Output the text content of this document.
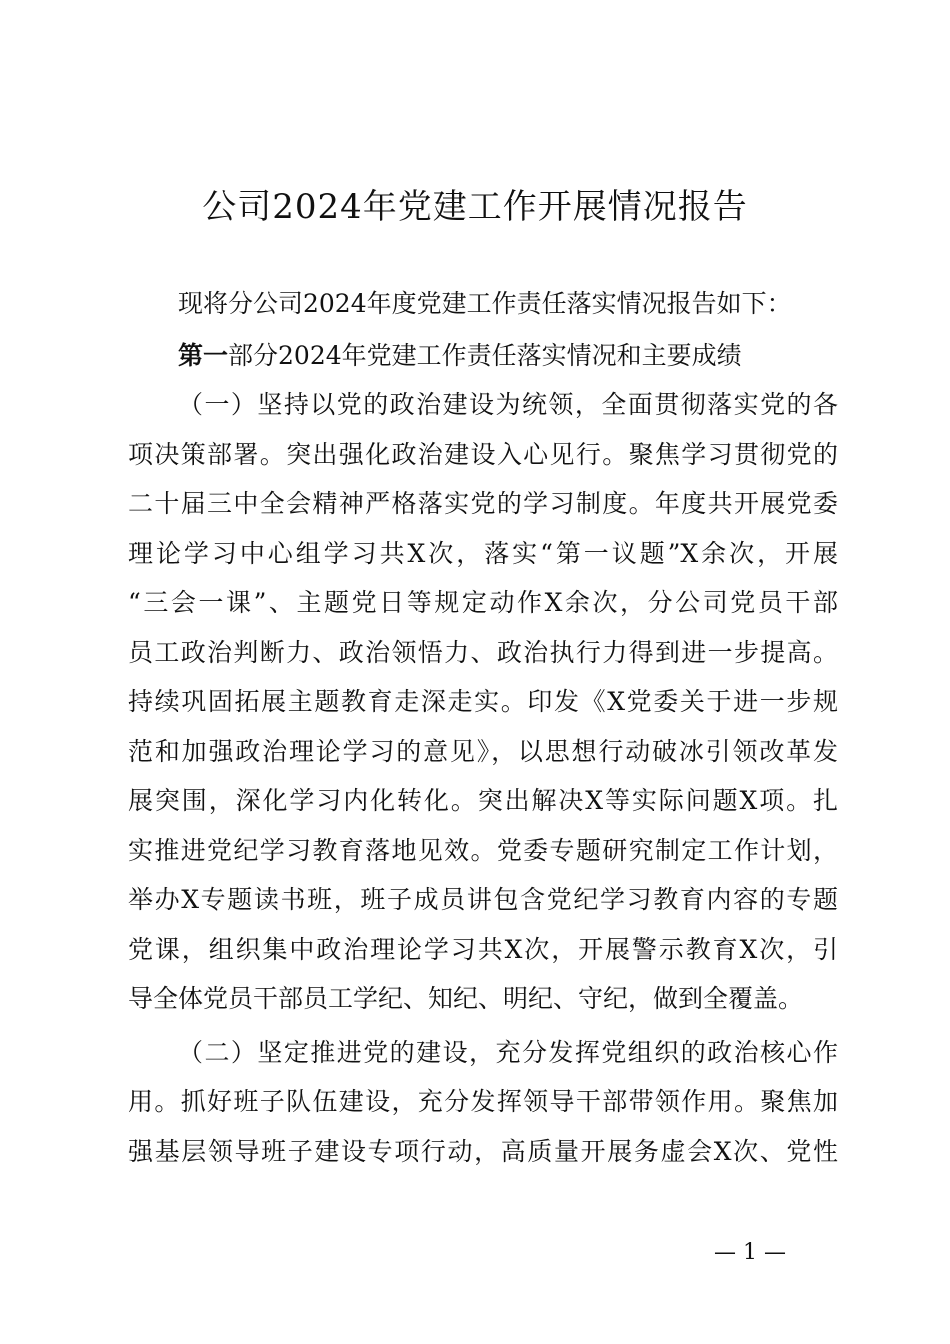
公司2024年党建工作开展情况报告
现将分公司2024年度党建工作责任落实情况报告如下：
第一部分2024年党建工作责任落实情况和主要成绩
（一）坚持以党的政治建设为统领，全面贯彻落实党的各
项决策部署。突出强化政治建设入心见行。聚焦学习贯彻党的
二十届三中全会精神严格落实党的学习制度。年度共开展党委
理论学习中心组学习共X次，落实“第一议题”X余次，开展
“三会一课”、主题党日等规定动作X余次，分公司党员干部
员工政治判断力、政治领悟力、政治执行力得到进一步提高。
持续巩固拓展主题教育走深走实。印发《X党委关于进一步规
范和加强政治理论学习的意见》，以思想行动破冰引领改革发
展突围，深化学习内化转化。突出解决X等实际问题X项。扎
实推进党纪学习教育落地见效。党委专题研究制定工作计划，
举办X专题读书班，班子成员讲包含党纪学习教育内容的专题
党课，组织集中政治理论学习共X次，开展警示教育X次，引
导全体党员干部员工学纪、知纪、明纪、守纪，做到全覆盖。
（二）坚定推进党的建设，充分发挥党组织的政治核心作
用。抓好班子队伍建设，充分发挥领导干部带领作用。聚焦加
强基层领导班子建设专项行动，高质量开展务虚会X次、党性
— 1 —
